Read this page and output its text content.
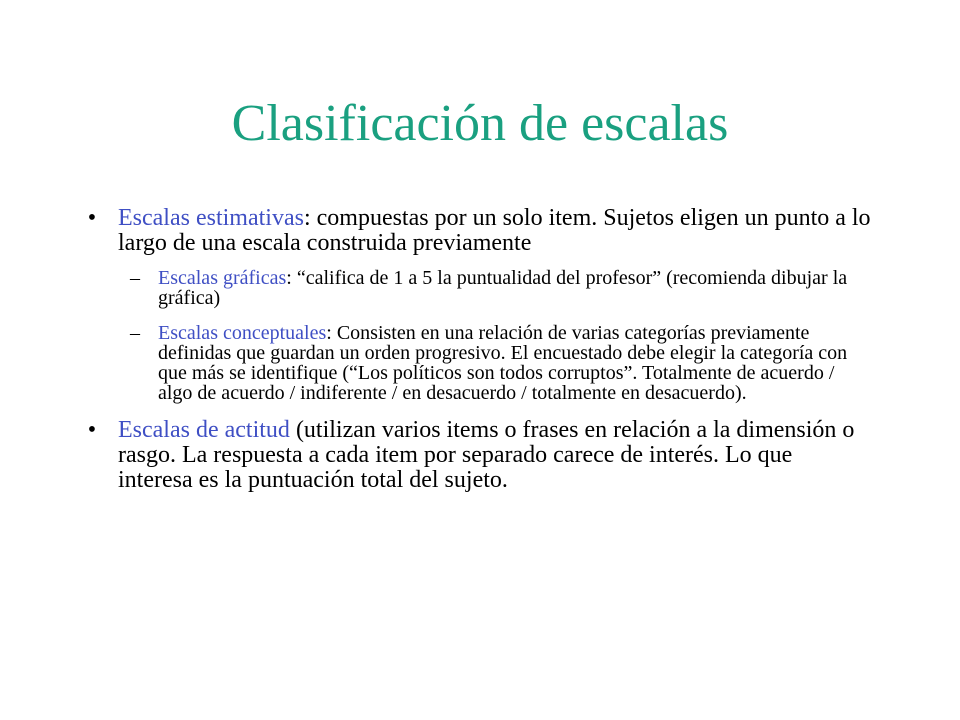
Clasificación de escalas
• Escalas estimativas: compuestas por un solo item. Sujetos eligen un punto a lo largo de una escala construida previamente
– Escalas gráficas: “califica de 1 a 5 la puntualidad del profesor” (recomienda dibujar la gráfica)
– Escalas conceptuales: Consisten en una relación de varias categorías previamente definidas que guardan un orden progresivo. El encuestado debe elegir la categoría con que más se identifique (“Los políticos son todos corruptos”. Totalmente de acuerdo / algo de acuerdo / indiferente / en desacuerdo / totalmente en desacuerdo).
• Escalas de actitud (utilizan varios items o frases en relación a la dimensión o rasgo. La respuesta a cada item por separado carece de interés. Lo que interesa es la puntuación total del sujeto.
